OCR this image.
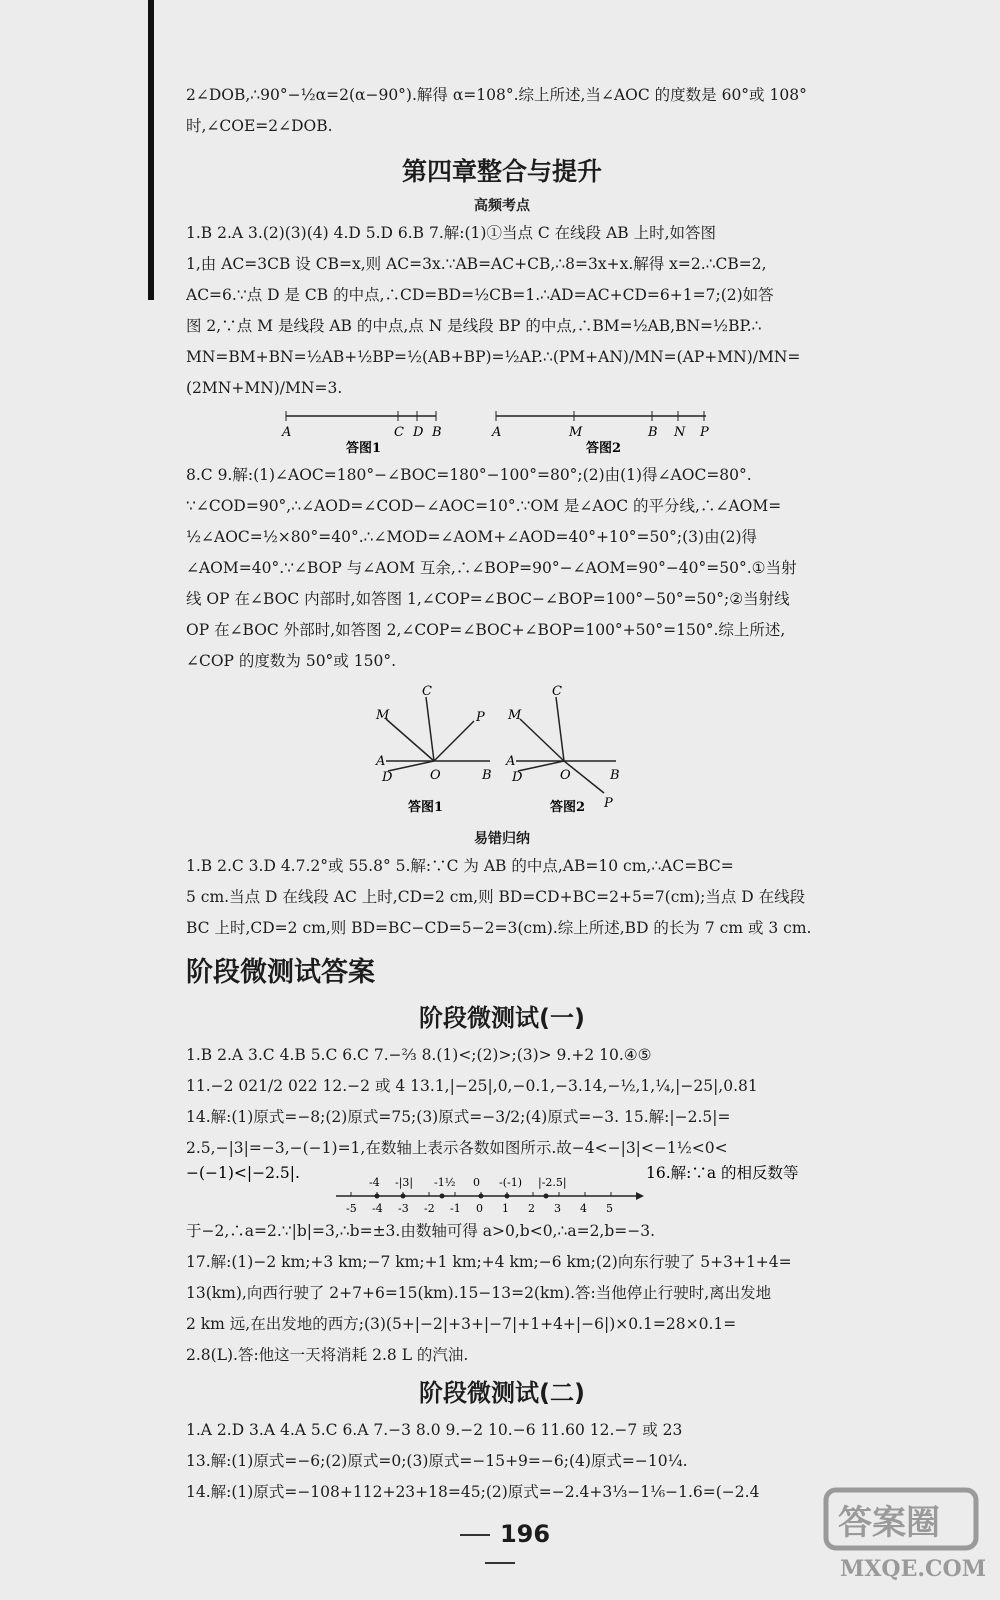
2∠DOB,∴90°−½α=2(α−90°).解得 α=108°.综上所述,当∠AOC 的度数是 60°或 108°

时,∠COE=2∠DOB.

第四章整合与提升
高频考点

1.B 2.A 3.(2)(3)(4) 4.D 5.D 6.B 7.解:(1)①当点 C 在线段 AB 上时,如答图

1,由 AC=3CB 设 CB=x,则 AC=3x.∵AB=AC+CB,∴8=3x+x.解得 x=2.∴CB=2,

AC=6.∵点 D 是 CB 的中点,∴CD=BD=½CB=1.∴AD=AC+CD=6+1=7;(2)如答

图 2,∵点 M 是线段 AB 的中点,点 N 是线段 BP 的中点,∴BM=½AB,BN=½BP.∴

MN=BM+BN=½AB+½BP=½(AB+BP)=½AP.∴(PM+AN)/MN=(AP+MN)/MN=

(2MN+MN)/MN=3.

A	C D B
答图1
A	M	B N P
答图2

8.C 9.解:(1)∠AOC=180°−∠BOC=180°−100°=80°;(2)由(1)得∠AOC=80°.

∵∠COD=90°,∴∠AOD=∠COD−∠AOC=10°.∵OM 是∠AOC 的平分线,∴∠AOM=

½∠AOC=½×80°=40°.∴∠MOD=∠AOM+∠AOD=40°+10°=50°;(3)由(2)得

∠AOM=40°.∵∠BOP 与∠AOM 互余,∴∠BOP=90°−∠AOM=90°−40°=50°.①当射

线 OP 在∠BOC 内部时,如答图 1,∠COP=∠BOC−∠BOP=100°−50°=50°;②当射线

OP 在∠BOC 外部时,如答图 2,∠COP=∠BOC+∠BOP=100°+50°=150°.综上所述,

∠COP 的度数为 50°或 150°.

C
M	P
A
D	O	B
答图1
C
M
P
A
D	O	B
答图2
易错归纳

1.B 2.C 3.D 4.7.2°或 55.8° 5.解:∵C 为 AB 的中点,AB=10 cm,∴AC=BC=

5 cm.当点 D 在线段 AC 上时,CD=2 cm,则 BD=CD+BC=2+5=7(cm);当点 D 在线段

BC 上时,CD=2 cm,则 BD=BC−CD=5−2=3(cm).综上所述,BD 的长为 7 cm 或 3 cm.

阶段微测试答案
阶段微测试(一)

1.B 2.A 3.C 4.B 5.C 6.C 7.−⅔ 8.(1)<;(2)>;(3)> 9.+2 10.④⑤

11.−2 021/2 022 12.−2 或 4 13.1,|−25|,0,−0.1,−3.14,−½,1,¼,|−25|,0.81

14.解:(1)原式=−8;(2)原式=75;(3)原式=−3/2;(4)原式=−3. 15.解:|−2.5|=

2.5,−|3|=−3,−(−1)=1,在数轴上表示各数如图所示.故−4<−|3|<−1½<0<

−(−1)<|−2.5|.
-5 -4 -3 -2 -1 0 1 2 3 4 5
-4 -|3| -1½ 0 -(-1) |-2.5|
16.解:∵a 的相反数等

于−2,∴a=2.∵|b|=3,∴b=±3.由数轴可得 a>0,b<0,∴a=2,b=−3.

17.解:(1)−2 km;+3 km;−7 km;+1 km;+4 km;−6 km;(2)向东行驶了 5+3+1+4=

13(km),向西行驶了 2+7+6=15(km).15−13=2(km).答:当他停止行驶时,离出发地

2 km 远,在出发地的西方;(3)(5+|−2|+3+|−7|+1+4+|−6|)×0.1=28×0.1=

2.8(L).答:他这一天将消耗 2.8 L 的汽油.

阶段微测试(二)

1.A 2.D 3.A 4.A 5.C 6.A 7.−3 8.0 9.−2 10.−6 11.60 12.−7 或 23

13.解:(1)原式=−6;(2)原式=0;(3)原式=−15+9=−6;(4)原式=−10¼.

14.解:(1)原式=−108+112+23+18=45;(2)原式=−2.4+3⅓−1⅙−1.6=(−2.4

196	答案圈
MXQE.COM
